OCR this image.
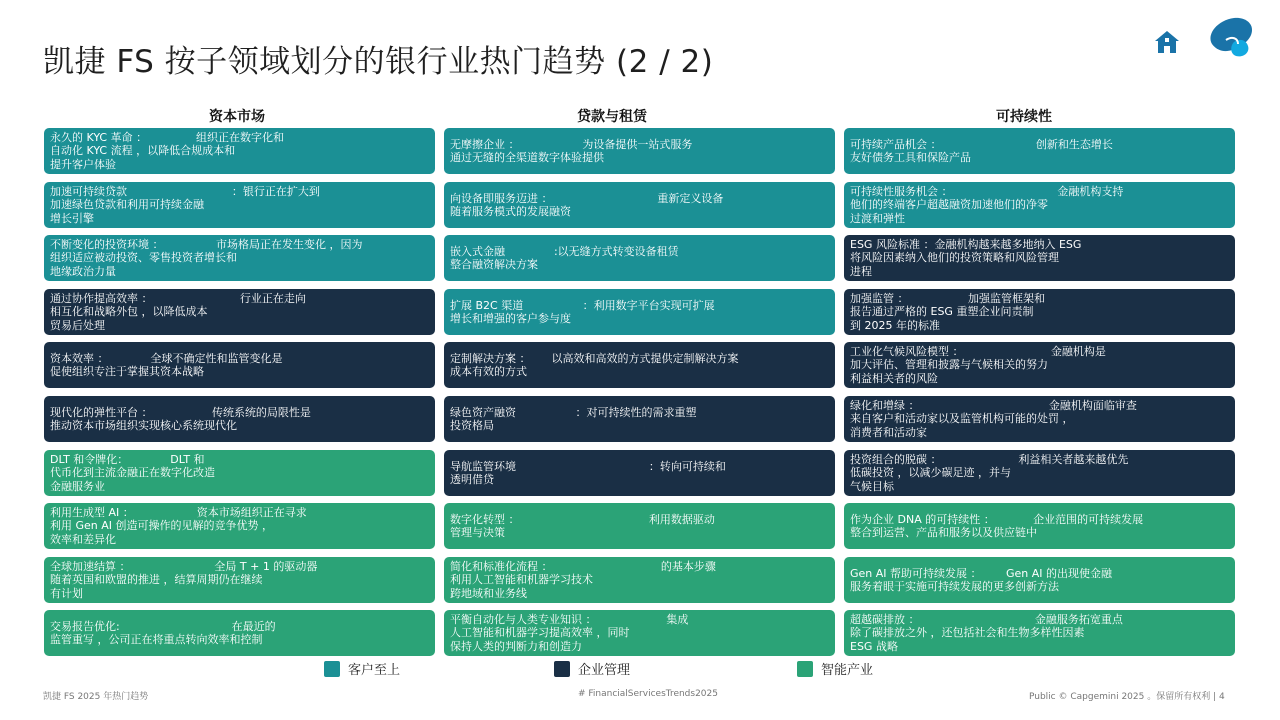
凯捷 FS 按子领域划分的银行业热门趋势 (2 / 2)
资本市场	贷款与租赁	可持续性
永久的 KYC 革命 ：              组织正在数字化和
自动化 KYC 流程 ，以降低合规成本和
提升客户体验
加速可持续贷款                              ：银行正在扩大到
加速绿色贷款和利用可持续金融
增长引擎
不断变化的投资环境 ：               市场格局正在发生变化 ，因为
组织适应被动投资、零售投资者增长和
地缘政治力量
通过协作提高效率 ：                         行业正在走向
相互化和战略外包 ，以降低成本
贸易后处理
资本效率 ：            全球不确定性和监管变化是
促使组织专注于掌握其资本战略
现代化的弹性平台 ：                 传统系统的局限性是
推动资本市场组织实现核心系统现代化
DLT 和令牌化：            DLT 和
代币化到主流金融正在数字化改造
金融服务业
利用生成型 AI ：                  资本市场组织正在寻求
利用 Gen AI 创造可操作的见解的竞争优势 ，
效率和差异化
全球加速结算 ：                        全局 T + 1 的驱动器
随着英国和欧盟的推进 ，结算周期仍在继续
有计划
交易报告优化:                                在最近的
监管重写 ，公司正在将重点转向效率和控制
无摩擦企业 ：                  为设备提供一站式服务
通过无缝的全渠道数字体验提供
向设备即服务迈进 ：                              重新定义设备
随着服务模式的发展融资
嵌入式金融              :以无缝方式转变设备租赁
整合融资解决方案
扩展 B2C 渠道                 ：利用数字平台实现可扩展
增长和增强的客户参与度
定制解决方案 ：      以高效和高效的方式提供定制解决方案
成本有效的方式
绿色资产融资                 ：对可持续性的需求重塑
投资格局
导航监管环境                                      ：转向可持续和
透明借贷
数字化转型 ：                                     利用数据驱动
管理与决策
简化和标准化流程 ：                               的基本步骤
利用人工智能和机器学习技术
跨地域和业务线
平衡自动化与人类专业知识 ：                    集成
人工智能和机器学习提高效率 ，同时
保持人类的判断力和创造力
可持续产品机会 ：                           创新和生态增长
友好债务工具和保险产品
可持续性服务机会 ：                              金融机构支持
他们的终端客户超越融资加速他们的净零
过渡和弹性
ESG 风险标准 ：金融机构越来越多地纳入 ESG
将风险因素纳入他们的投资策略和风险管理
进程
加强监管 ：                 加强监管框架和
报告通过严格的 ESG 重塑企业问责制
到 2025 年的标准
工业化气候风险模型 ：                         金融机构是
加大评估、管理和披露与气候相关的努力
利益相关者的风险
绿化和增绿 ：                                     金融机构面临审查
来自客户和活动家以及监管机构可能的处罚 ，
消费者和活动家
投资组合的脱碳 ：                      利益相关者越来越优先
低碳投资 ，以减少碳足迹 ，并与
气候目标
作为企业 DNA 的可持续性 ：           企业范围的可持续发展
整合到运营、产品和服务以及供应链中
Gen AI 帮助可持续发展 ：       Gen AI 的出现使金融
服务着眼于实施可持续发展的更多创新方法
超越碳排放 ：                                 金融服务拓宽重点
除了碳排放之外 ，还包括社会和生物多样性因素
ESG 战略
客户至上	企业管理	智能产业
凯捷 FS 2025 年热门趋势	# FinancialServicesTrends2025	Public © Capgemini 2025 。保留所有权利 | 4
